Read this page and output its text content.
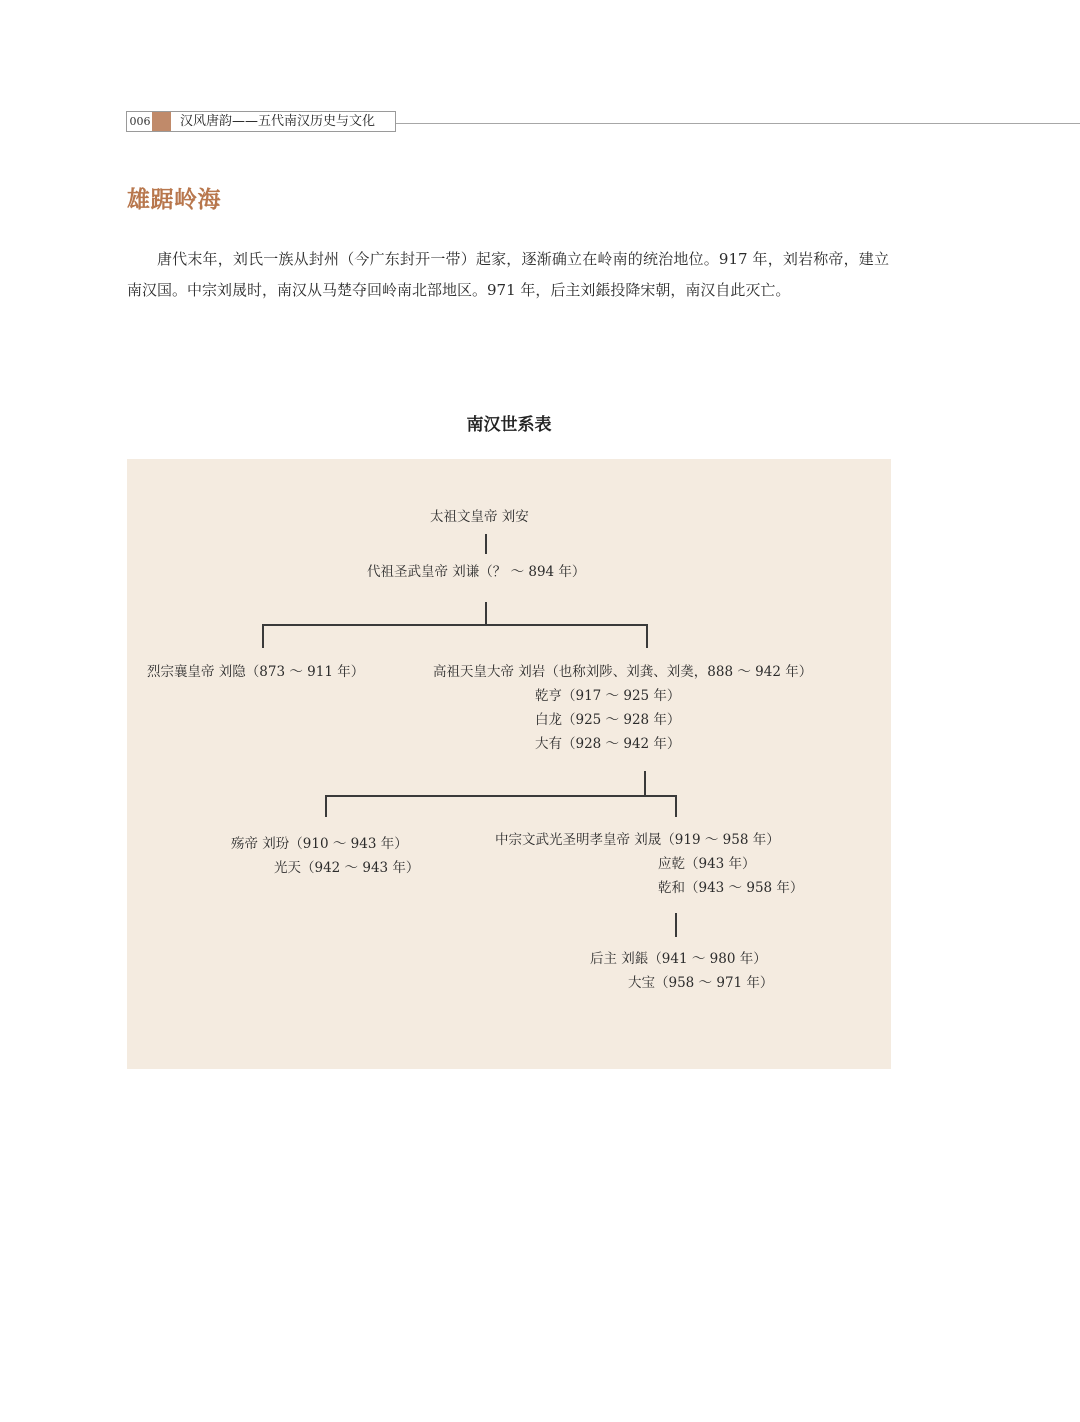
006 汉风唐韵——五代南汉历史与文化
雄踞岭海
唐代末年，刘氏一族从封州（今广东封开一带）起家，逐渐确立在岭南的统治地位。917 年，刘岩称帝，建立南汉国。中宗刘晟时，南汉从马楚夺回岭南北部地区。971 年，后主刘鋹投降宋朝，南汉自此灭亡。
南汉世系表
太祖文皇帝 刘安
代祖圣武皇帝 刘谦（？ ～ 894 年）
烈宗襄皇帝 刘隐（873 ～ 911 年）	高祖天皇大帝 刘岩（也称刘陟、刘龚、刘䶮，888 ～ 942 年）
乾亨（917 ～ 925 年）
白龙（925 ～ 928 年）
大有（928 ～ 942 年）
殇帝 刘玢（910 ～ 943 年）
光天（942 ～ 943 年）
中宗文武光圣明孝皇帝 刘晟（919 ～ 958 年）
应乾（943 年）
乾和（943 ～ 958 年）
后主 刘鋹（941 ～ 980 年）
大宝（958 ～ 971 年）
